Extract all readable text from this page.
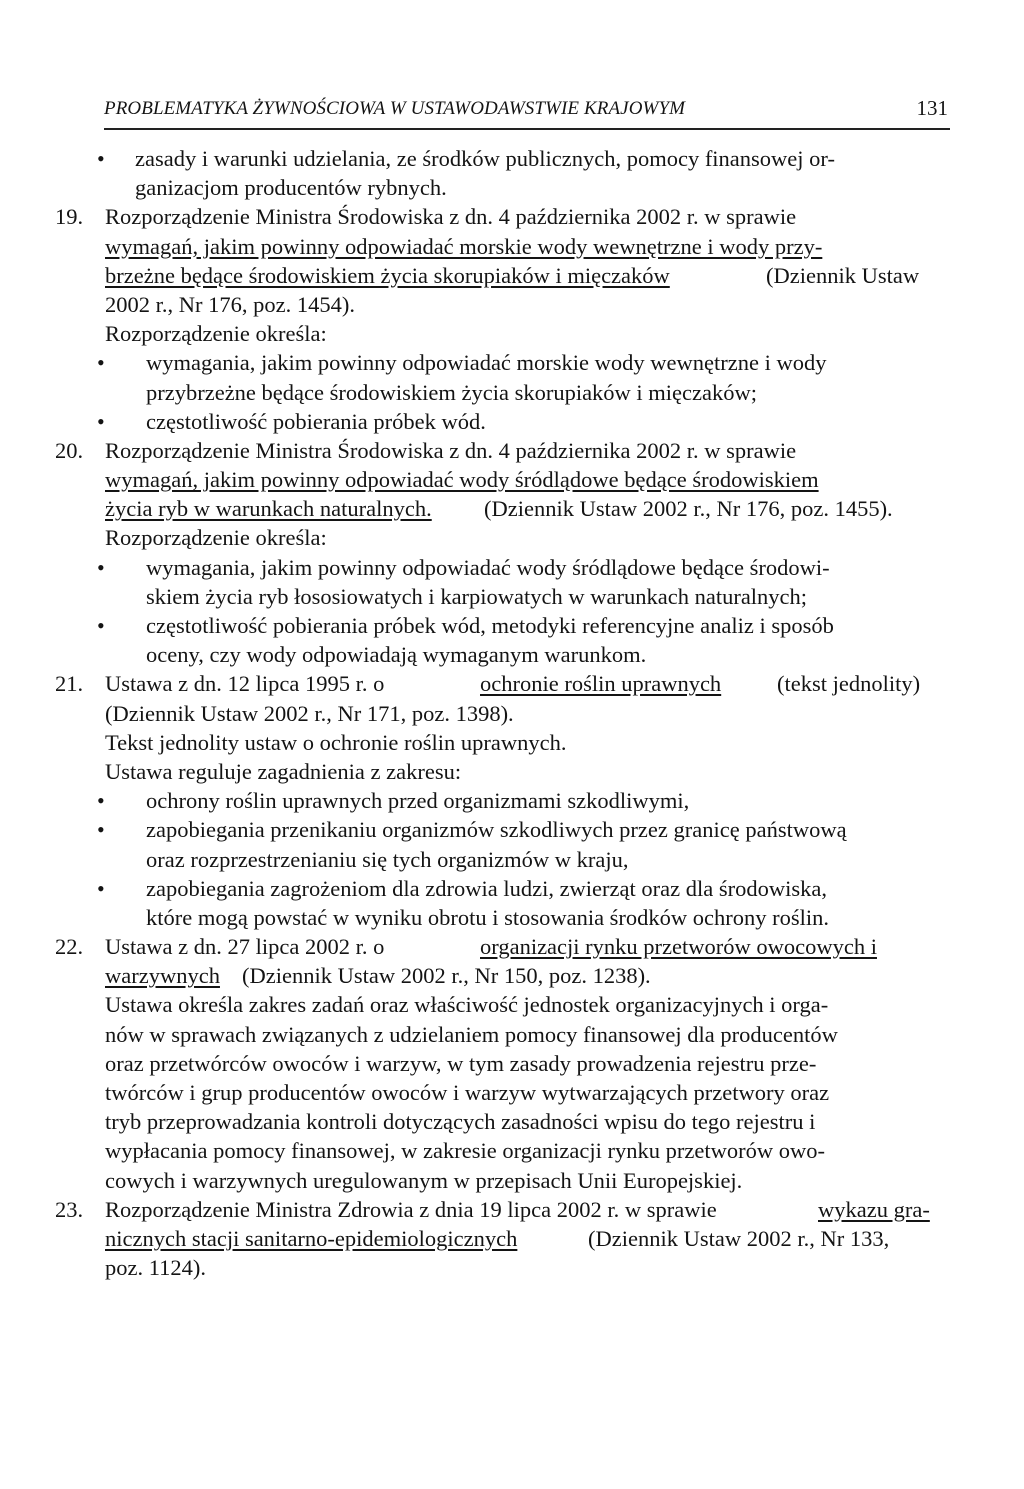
PROBLEMATYKA ŻYWNOŚCIOWA W USTAWODAWSTWIE KRAJOWYM	131
• zasady i warunki udzielania, ze środków publicznych, pomocy finansowej or-
ganizacjom producentów rybnych.
19. Rozporządzenie Ministra Środowiska z dn. 4 października 2002 r. w sprawie
wymagań, jakim powinny odpowiadać morskie wody wewnętrzne i wody przy-
brzeżne będące środowiskiem życia skorupiaków i mięczaków	(Dziennik Ustaw
2002 r., Nr 176, poz. 1454).
Rozporządzenie określa:
• wymagania, jakim powinny odpowiadać morskie wody wewnętrzne i wody
przybrzeżne będące środowiskiem życia skorupiaków i mięczaków;
• częstotliwość pobierania próbek wód.
20. Rozporządzenie Ministra Środowiska z dn. 4 października 2002 r. w sprawie
wymagań, jakim powinny odpowiadać wody śródlądowe będące środowiskiem
życia ryb w warunkach naturalnych. (Dziennik Ustaw 2002 r., Nr 176, poz. 1455).
Rozporządzenie określa:
• wymagania, jakim powinny odpowiadać wody śródlądowe będące środowi-
skiem życia ryb łososiowatych i karpiowatych w warunkach naturalnych;
• częstotliwość pobierania próbek wód, metodyki referencyjne analiz i sposób
oceny, czy wody odpowiadają wymaganym warunkom.
21. Ustawa z dn. 12 lipca 1995 r. o	ochronie roślin uprawnych (tekst jednolity)
(Dziennik Ustaw 2002 r., Nr 171, poz. 1398).
Tekst jednolity ustaw o ochronie roślin uprawnych.
Ustawa reguluje zagadnienia z zakresu:
• ochrony roślin uprawnych przed organizmami szkodliwymi,
• zapobiegania przenikaniu organizmów szkodliwych przez granicę państwową
oraz rozprzestrzenianiu się tych organizmów w kraju,
• zapobiegania zagrożeniom dla zdrowia ludzi, zwierząt oraz dla środowiska,
które mogą powstać w wyniku obrotu i stosowania środków ochrony roślin.
22. Ustawa z dn. 27 lipca 2002 r. o	organizacji rynku przetworów owocowych i
warzywnych (Dziennik Ustaw 2002 r., Nr 150, poz. 1238).
Ustawa określa zakres zadań oraz właściwość jednostek organizacyjnych i orga-
nów w sprawach związanych z udzielaniem pomocy finansowej dla producentów
oraz przetwórców owoców i warzyw, w tym zasady prowadzenia rejestru prze-
twórców i grup producentów owoców i warzyw wytwarzających przetwory oraz
tryb przeprowadzania kontroli dotyczących zasadności wpisu do tego rejestru i
wypłacania pomocy finansowej, w zakresie organizacji rynku przetworów owo-
cowych i warzywnych uregulowanym w przepisach Unii Europejskiej.
23. Rozporządzenie Ministra Zdrowia z dnia 19 lipca 2002 r. w sprawie	wykazu gra-
nicznych stacji sanitarno-epidemiologicznych	(Dziennik Ustaw 2002 r., Nr 133,
poz. 1124).
